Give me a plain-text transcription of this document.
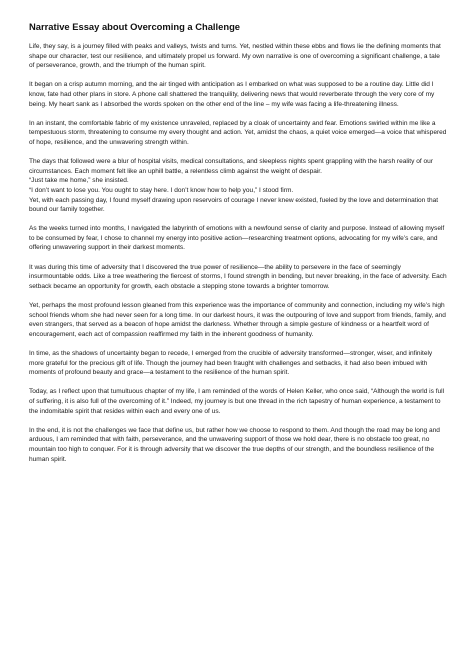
Narrative Essay about Overcoming a Challenge

Life, they say, is a journey filled with peaks and valleys, twists and turns. Yet, nestled within these ebbs and flows lie the defining moments that shape our character, test our resilience, and ultimately propel us forward. My own narrative is one of overcoming a significant challenge, a tale of perseverance, growth, and the triumph of the human spirit.

It began on a crisp autumn morning, and the air tinged with anticipation as I embarked on what was supposed to be a routine day. Little did I know, fate had other plans in store. A phone call shattered the tranquility, delivering news that would reverberate through the very core of my being. My heart sank as I absorbed the words spoken on the other end of the line – my wife was facing a life-threatening illness.

In an instant, the comfortable fabric of my existence unraveled, replaced by a cloak of uncertainty and fear. Emotions swirled within me like a tempestuous storm, threatening to consume my every thought and action. Yet, amidst the chaos, a quiet voice emerged—a voice that whispered of hope, resilience, and the unwavering strength within.

The days that followed were a blur of hospital visits, medical consultations, and sleepless nights spent grappling with the harsh reality of our circumstances. Each moment felt like an uphill battle, a relentless climb against the weight of despair.

“Just take me home,” she insisted.

“I don’t want to lose you. You ought to stay here. I don’t know how to help you,” I stood firm.

Yet, with each passing day, I found myself drawing upon reservoirs of courage I never knew existed, fueled by the love and determination that bound our family together.

As the weeks turned into months, I navigated the labyrinth of emotions with a newfound sense of clarity and purpose. Instead of allowing myself to be consumed by fear, I chose to channel my energy into positive action—researching treatment options, advocating for my wife’s care, and offering unwavering support in their darkest moments.

It was during this time of adversity that I discovered the true power of resilience—the ability to persevere in the face of seemingly insurmountable odds. Like a tree weathering the fiercest of storms, I found strength in bending, but never breaking, in the face of adversity. Each setback became an opportunity for growth, each obstacle a stepping stone towards a brighter tomorrow.

Yet, perhaps the most profound lesson gleaned from this experience was the importance of community and connection, including my wife’s high school friends whom she had never seen for a long time. In our darkest hours, it was the outpouring of love and support from friends, family, and even strangers, that served as a beacon of hope amidst the darkness. Whether through a simple gesture of kindness or a heartfelt word of encouragement, each act of compassion reaffirmed my faith in the inherent goodness of humanity.

In time, as the shadows of uncertainty began to recede, I emerged from the crucible of adversity transformed—stronger, wiser, and infinitely more grateful for the precious gift of life. Though the journey had been fraught with challenges and setbacks, it had also been imbued with moments of profound beauty and grace—a testament to the resilience of the human spirit.

Today, as I reflect upon that tumultuous chapter of my life, I am reminded of the words of Helen Keller, who once said, “Although the world is full of suffering, it is also full of the overcoming of it.” Indeed, my journey is but one thread in the rich tapestry of human experience, a testament to the indomitable spirit that resides within each and every one of us.

In the end, it is not the challenges we face that define us, but rather how we choose to respond to them. And though the road may be long and arduous, I am reminded that with faith, perseverance, and the unwavering support of those we hold dear, there is no obstacle too great, no mountain too high to conquer. For it is through adversity that we discover the true depths of our strength, and the boundless resilience of the human spirit.
